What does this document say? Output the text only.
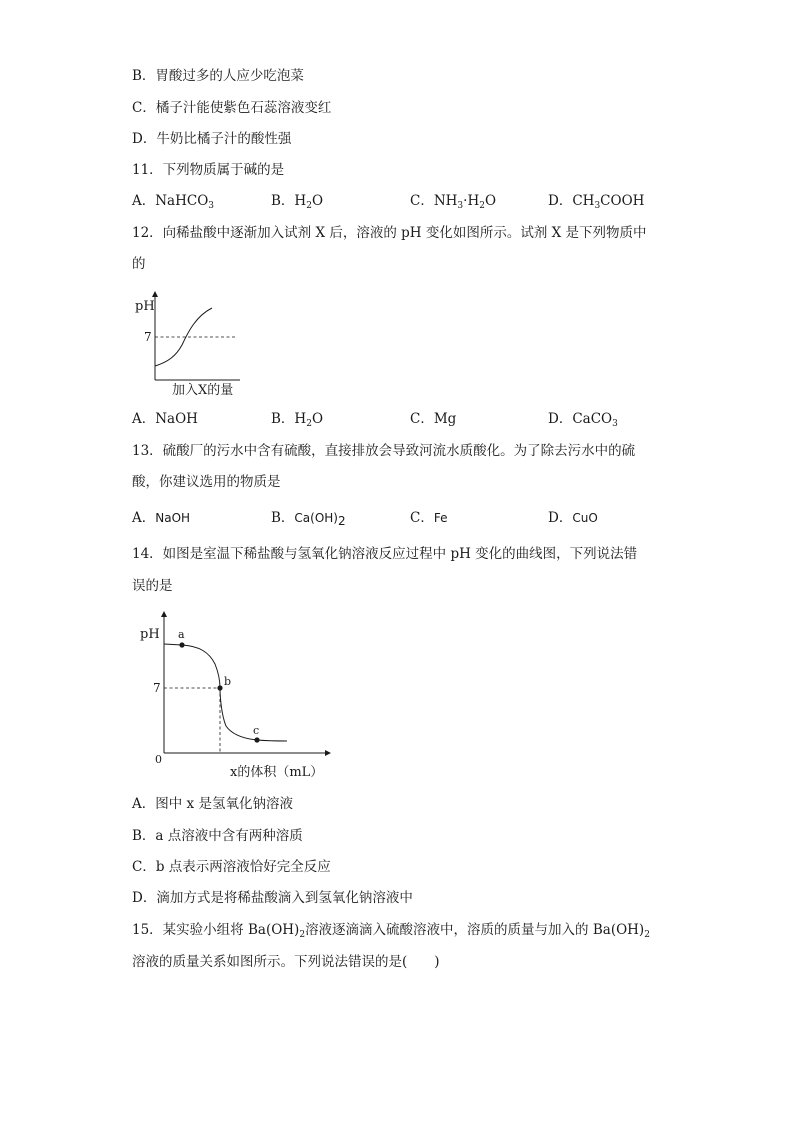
B．胃酸过多的人应少吃泡菜
C．橘子汁能使紫色石蕊溶液变红
D．牛奶比橘子汁的酸性强
11．下列物质属于碱的是
A．NaHCO$_3$	B．$H_2O$	C．$NH_3\cdot H_2O$	D．$CH_3COOH$
12．向稀盐酸中逐渐加入试剂 X 后，溶液的 pH 变化如图所示。试剂 X 是下列物质中
的
pH
7
加入X的量
A．NaOH	B．$H_2O$	C．Mg	D．CaCO$_3$
13．硫酸厂的污水中含有硫酸，直接排放会导致河流水质酸化。为了除去污水中的硫
酸，你建议选用的物质是
A．NaOH	B．$Ca(OH)_2$	C．Fe	D．CuO
14．如图是室温下稀盐酸与氢氧化钠溶液反应过程中 pH 变化的曲线图，下列说法错
误的是
a
b
c
pH
7
0
x的体积（mL）
A．图中 x 是氢氧化钠溶液
B．a 点溶液中含有两种溶质
C．b 点表示两溶液恰好完全反应
D．滴加方式是将稀盐酸滴入到氢氧化钠溶液中
15．某实验小组将 $Ba(OH)_2$溶液逐滴滴入硫酸溶液中，溶质的质量与加入的 $Ba(OH)_2$
溶液的质量关系如图所示。下列说法错误的是(　　)
